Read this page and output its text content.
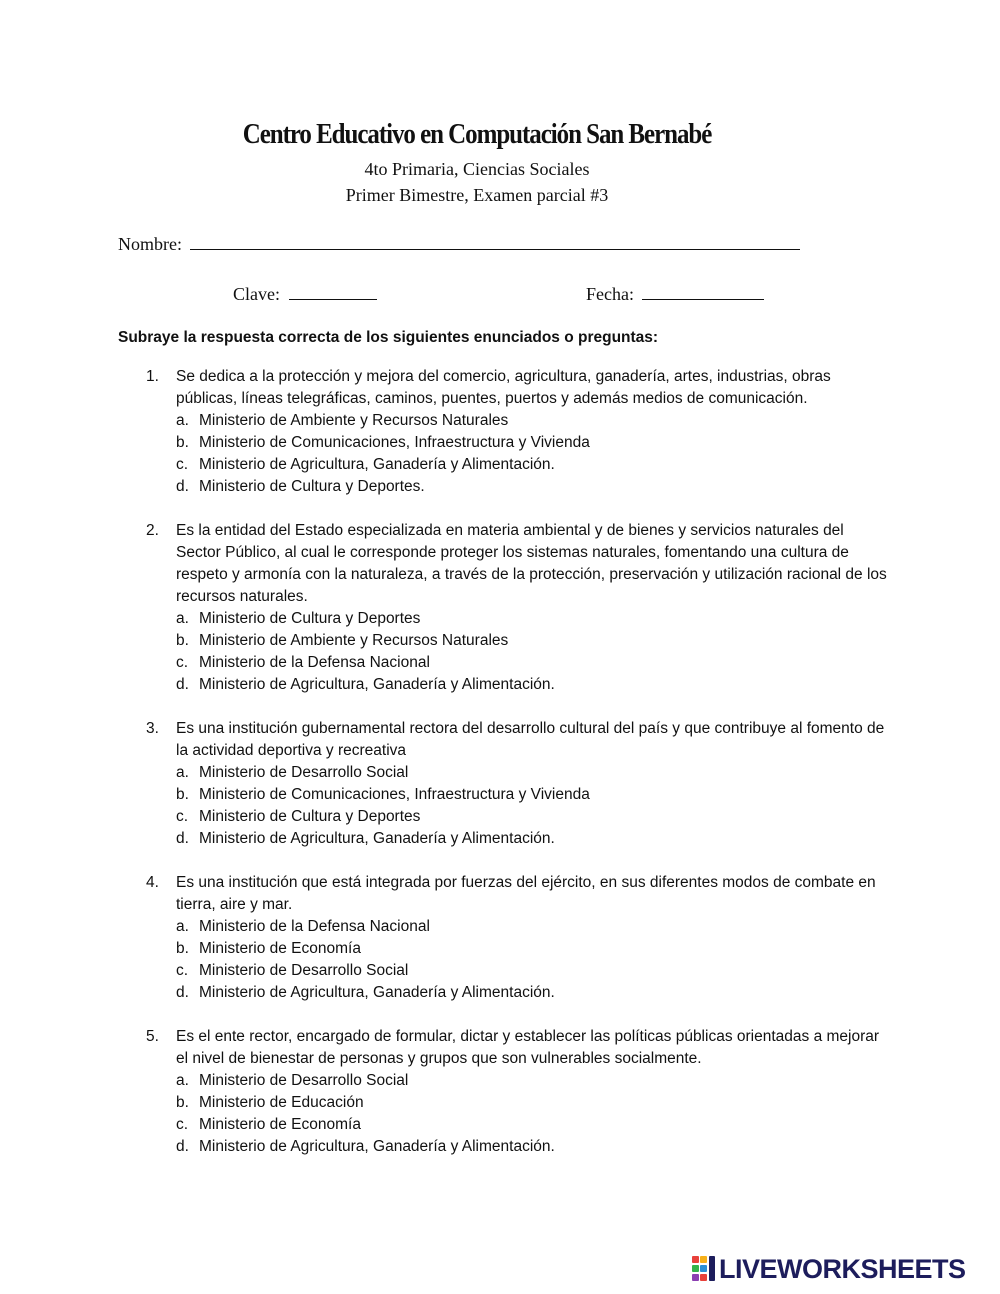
Centro Educativo en Computación San Bernabé
4to Primaria, Ciencias Sociales
Primer Bimestre, Examen parcial #3
Nombre:
Clave:	Fecha:
Subraye la respuesta correcta de los siguientes enunciados o preguntas:
1. Se dedica a la protección y mejora del comercio, agricultura, ganadería, artes, industrias, obras públicas, líneas telegráficas, caminos, puentes, puertos y además medios de comunicación.
a. Ministerio de Ambiente y Recursos Naturales
b. Ministerio de Comunicaciones, Infraestructura y Vivienda
c. Ministerio de Agricultura, Ganadería y Alimentación.
d. Ministerio de Cultura y Deportes.
2. Es la entidad del Estado especializada en materia ambiental y de bienes y servicios naturales del Sector Público, al cual le corresponde proteger los sistemas naturales, fomentando una cultura de respeto y armonía con la naturaleza, a través de la protección, preservación y utilización racional de los recursos naturales.
a. Ministerio de Cultura y Deportes
b. Ministerio de Ambiente y Recursos Naturales
c. Ministerio de la Defensa Nacional
d. Ministerio de Agricultura, Ganadería y Alimentación.
3. Es una institución gubernamental rectora del desarrollo cultural del país y que contribuye al fomento de la actividad deportiva y recreativa
a. Ministerio de Desarrollo Social
b. Ministerio de Comunicaciones, Infraestructura y Vivienda
c. Ministerio de Cultura y Deportes
d. Ministerio de Agricultura, Ganadería y Alimentación.
4. Es una institución que está integrada por fuerzas del ejército, en sus diferentes modos de combate en tierra, aire y mar.
a. Ministerio de la Defensa Nacional
b. Ministerio de Economía
c. Ministerio de Desarrollo Social
d. Ministerio de Agricultura, Ganadería y Alimentación.
5. Es el ente rector, encargado de formular, dictar y establecer las políticas públicas orientadas a mejorar el nivel de bienestar de personas y grupos que son vulnerables socialmente.
a. Ministerio de Desarrollo Social
b. Ministerio de Educación
c. Ministerio de Economía
d. Ministerio de Agricultura, Ganadería y Alimentación.
LIVEWORKSHEETS
